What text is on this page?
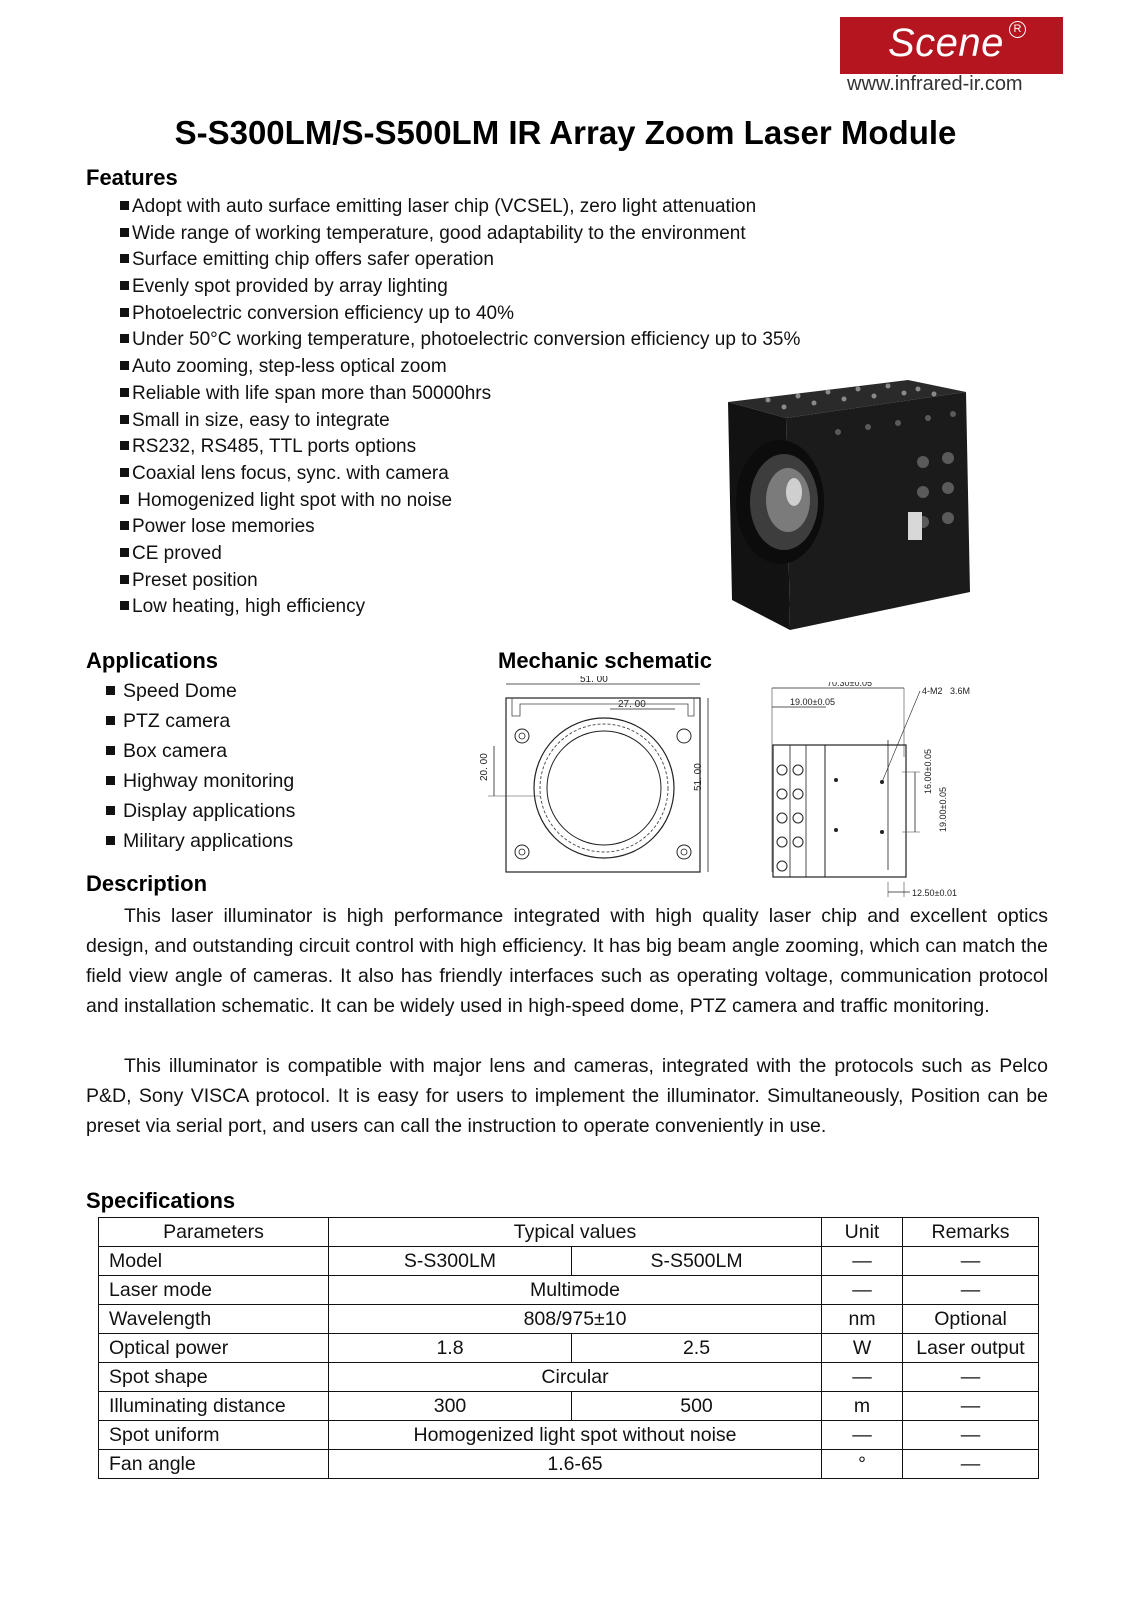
Scene R
www.infrared-ir.com
S-S300LM/S-S500LM IR Array Zoom Laser Module
Features
Adopt with auto surface emitting laser chip (VCSEL), zero light attenuation
Wide range of working temperature, good adaptability to the environment
Surface emitting chip offers safer operation
Evenly spot provided by array lighting
Photoelectric conversion efficiency up to 40%
Under 50°C working temperature, photoelectric conversion efficiency up to 35%
Auto zooming, step-less optical zoom
Reliable with life span more than 50000hrs
Small in size, easy to integrate
RS232, RS485, TTL ports options
Coaxial lens focus, sync. with camera
Homogenized light spot with no noise
Power lose memories
CE proved
Preset position
Low heating, high efficiency
Applications
Speed Dome
PTZ camera
Box camera
Highway monitoring
Display applications
Military applications
Mechanic schematic
51. 00
27. 00
20. 00	51. 00
70.30±0.05
19.00±0.05
4-M2 3.6M
16.00±0.05
19.00±0.05
12.50±0.01
Description

This laser illuminator is high performance integrated with high quality laser chip and excellent optics design, and outstanding circuit control with high efficiency. It has big beam angle zooming, which can match the field view angle of cameras. It also has friendly interfaces such as operating voltage, communication protocol and installation schematic. It can be widely used in high-speed dome, PTZ camera and traffic monitoring.

This illuminator is compatible with major lens and cameras, integrated with the protocols such as Pelco P&D, Sony VISCA protocol. It is easy for users to implement the illuminator. Simultaneously, Position can be preset via serial port, and users can call the instruction to operate conveniently in use.

Specifications
Parameters	Typical values		Unit	Remarks
Model	S-S300LM	S-S500LM	—	—
Laser mode	Multimode		—	—
Wavelength	808/975±10		nm	Optional
Optical power	1.8	2.5	W	Laser output
Spot shape	Circular		—	—
Illuminating distance	300	500	m	—
Spot uniform	Homogenized light spot without noise		—	—
Fan angle	1.6-65		°	—
